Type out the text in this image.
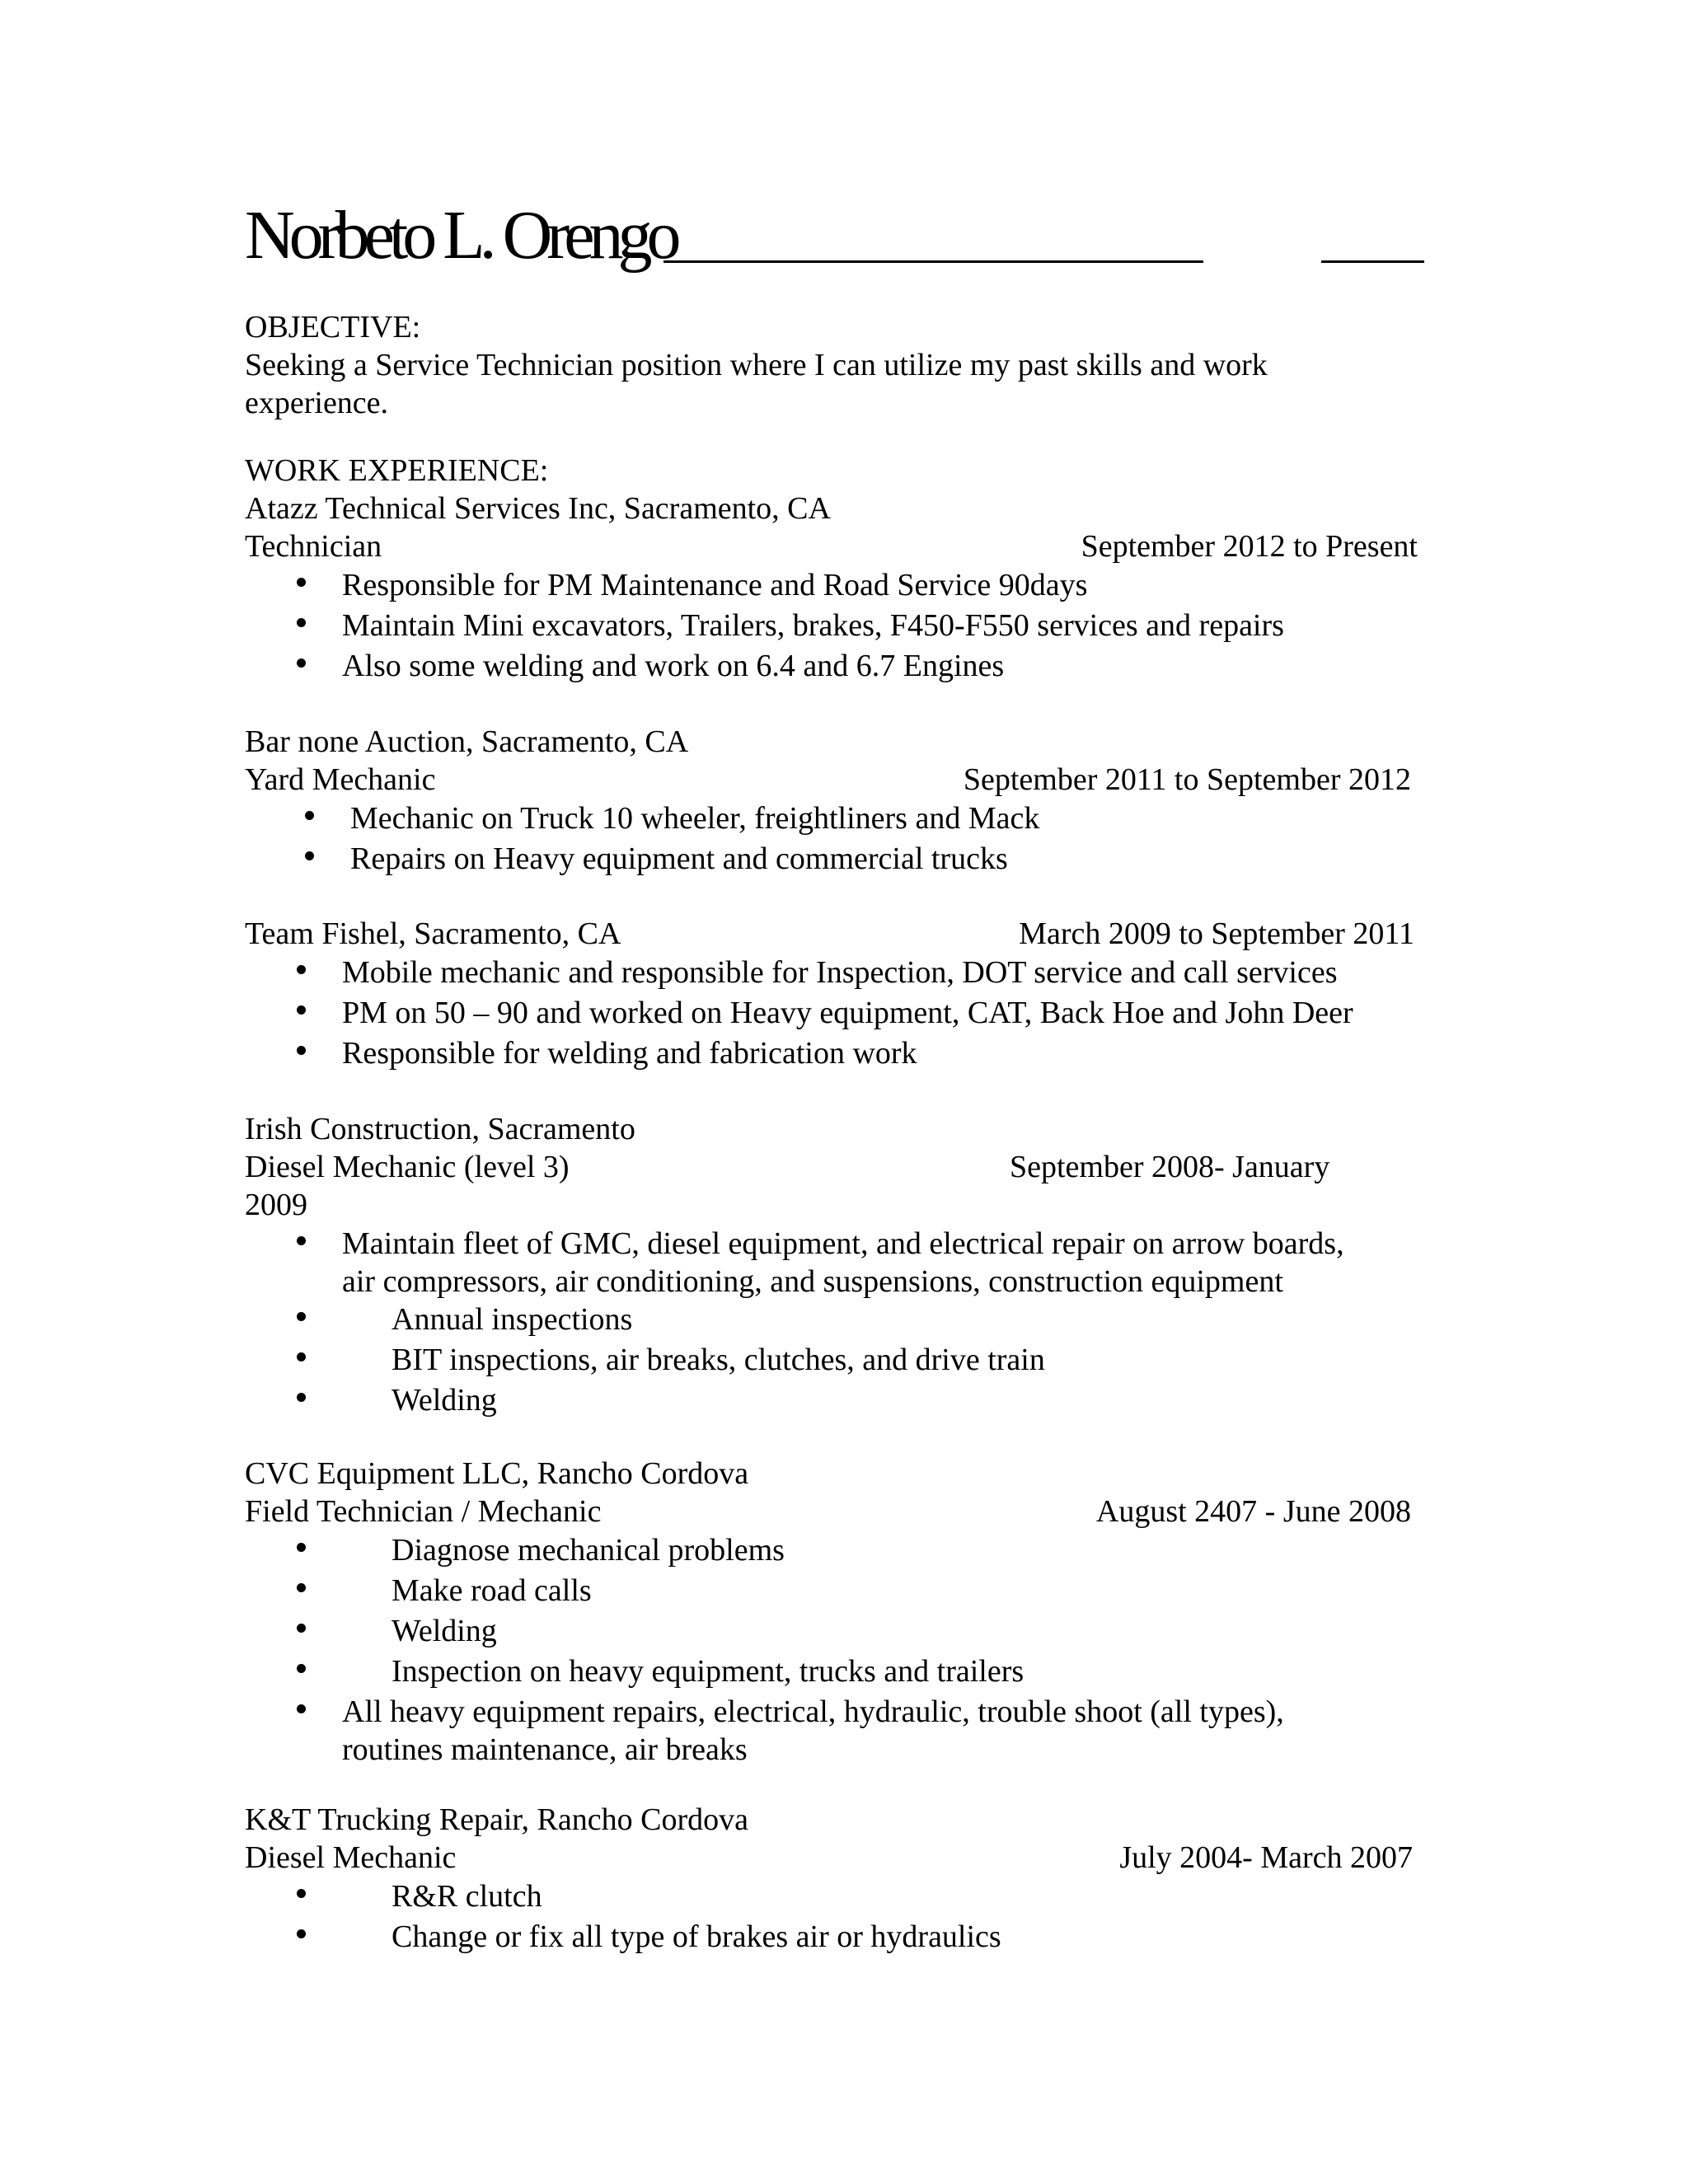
Norbeto L. Orengo
OBJECTIVE:
Seeking a Service Technician position where I can utilize my past skills and work
experience.
WORK EXPERIENCE:
Atazz Technical Services Inc, Sacramento, CA
Technician	September 2012 to Present
Responsible for PM Maintenance and Road Service 90days
Maintain Mini excavators, Trailers, brakes, F450-F550 services and repairs
Also some welding and work on 6.4 and 6.7 Engines
Bar none Auction, Sacramento, CA
Yard Mechanic	September 2011 to September 2012
Mechanic on Truck 10 wheeler, freightliners and Mack
Repairs on Heavy equipment and commercial trucks
Team Fishel, Sacramento, CA	March 2009 to September 2011
Mobile mechanic and responsible for Inspection, DOT service and call services
PM on 50 – 90 and worked on Heavy equipment, CAT, Back Hoe and John Deer
Responsible for welding and fabrication work
Irish Construction, Sacramento
Diesel Mechanic (level 3)	September 2008- January
2009
Maintain fleet of GMC, diesel equipment, and electrical repair on arrow boards,
air compressors, air conditioning, and suspensions, construction equipment
Annual inspections
BIT inspections, air breaks, clutches, and drive train
Welding
CVC Equipment LLC, Rancho Cordova
Field Technician / Mechanic	August 2407 - June 2008
Diagnose mechanical problems
Make road calls
Welding
Inspection on heavy equipment, trucks and trailers
All heavy equipment repairs, electrical, hydraulic, trouble shoot (all types),
routines maintenance, air breaks
K&T Trucking Repair, Rancho Cordova
Diesel Mechanic	July 2004- March 2007
R&R clutch
Change or fix all type of brakes air or hydraulics
